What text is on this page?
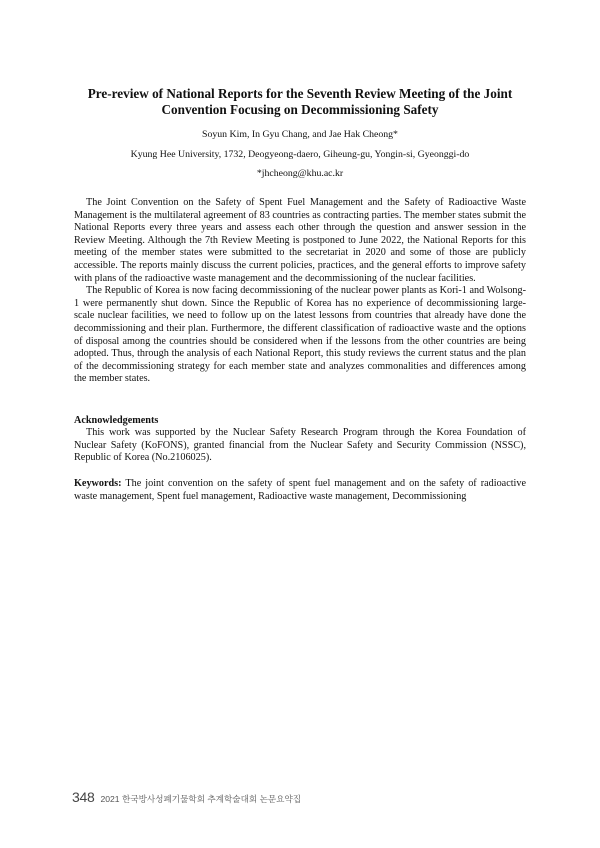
Pre-review of National Reports for the Seventh Review Meeting of the Joint Convention Focusing on Decommissioning Safety
Soyun Kim, In Gyu Chang, and Jae Hak Cheong*
Kyung Hee University, 1732, Deogyeong-daero, Giheung-gu, Yongin-si, Gyeonggi-do
*jhcheong@khu.ac.kr

The Joint Convention on the Safety of Spent Fuel Management and the Safety of Radioactive Waste Management is the multilateral agreement of 83 countries as contracting parties. The member states submit the National Reports every three years and assess each other through the question and answer session in the Review Meeting. Although the 7th Review Meeting is postponed to June 2022, the National Reports for this meeting of the member states were submitted to the secretariat in 2020 and some of those are publicly accessible. The reports mainly discuss the current policies, practices, and the general efforts to improve safety with plans of the radioactive waste management and the decommissioning of the nuclear facilities.

The Republic of Korea is now facing decommissioning of the nuclear power plants as Kori-1 and Wolsong-1 were permanently shut down. Since the Republic of Korea has no experience of decommissioning large-scale nuclear facilities, we need to follow up on the latest lessons from countries that already have done the decommissioning and their plan. Furthermore, the different classification of radioactive waste and the options of disposal among the countries should be considered when if the lessons from the other countries are being adopted. Thus, through the analysis of each National Report, this study reviews the current status and the plan of the decommissioning strategy for each member state and analyzes commonalities and differences among the member states.

Acknowledgements

This work was supported by the Nuclear Safety Research Program through the Korea Foundation of Nuclear Safety (KoFONS), granted financial from the Nuclear Safety and Security Commission (NSSC), Republic of Korea (No.2106025).

Keywords: The joint convention on the safety of spent fuel management and on the safety of radioactive waste management, Spent fuel management, Radioactive waste management, Decommissioning

348 2021 한국방사성폐기물학회 추계학술대회 논문요약집
